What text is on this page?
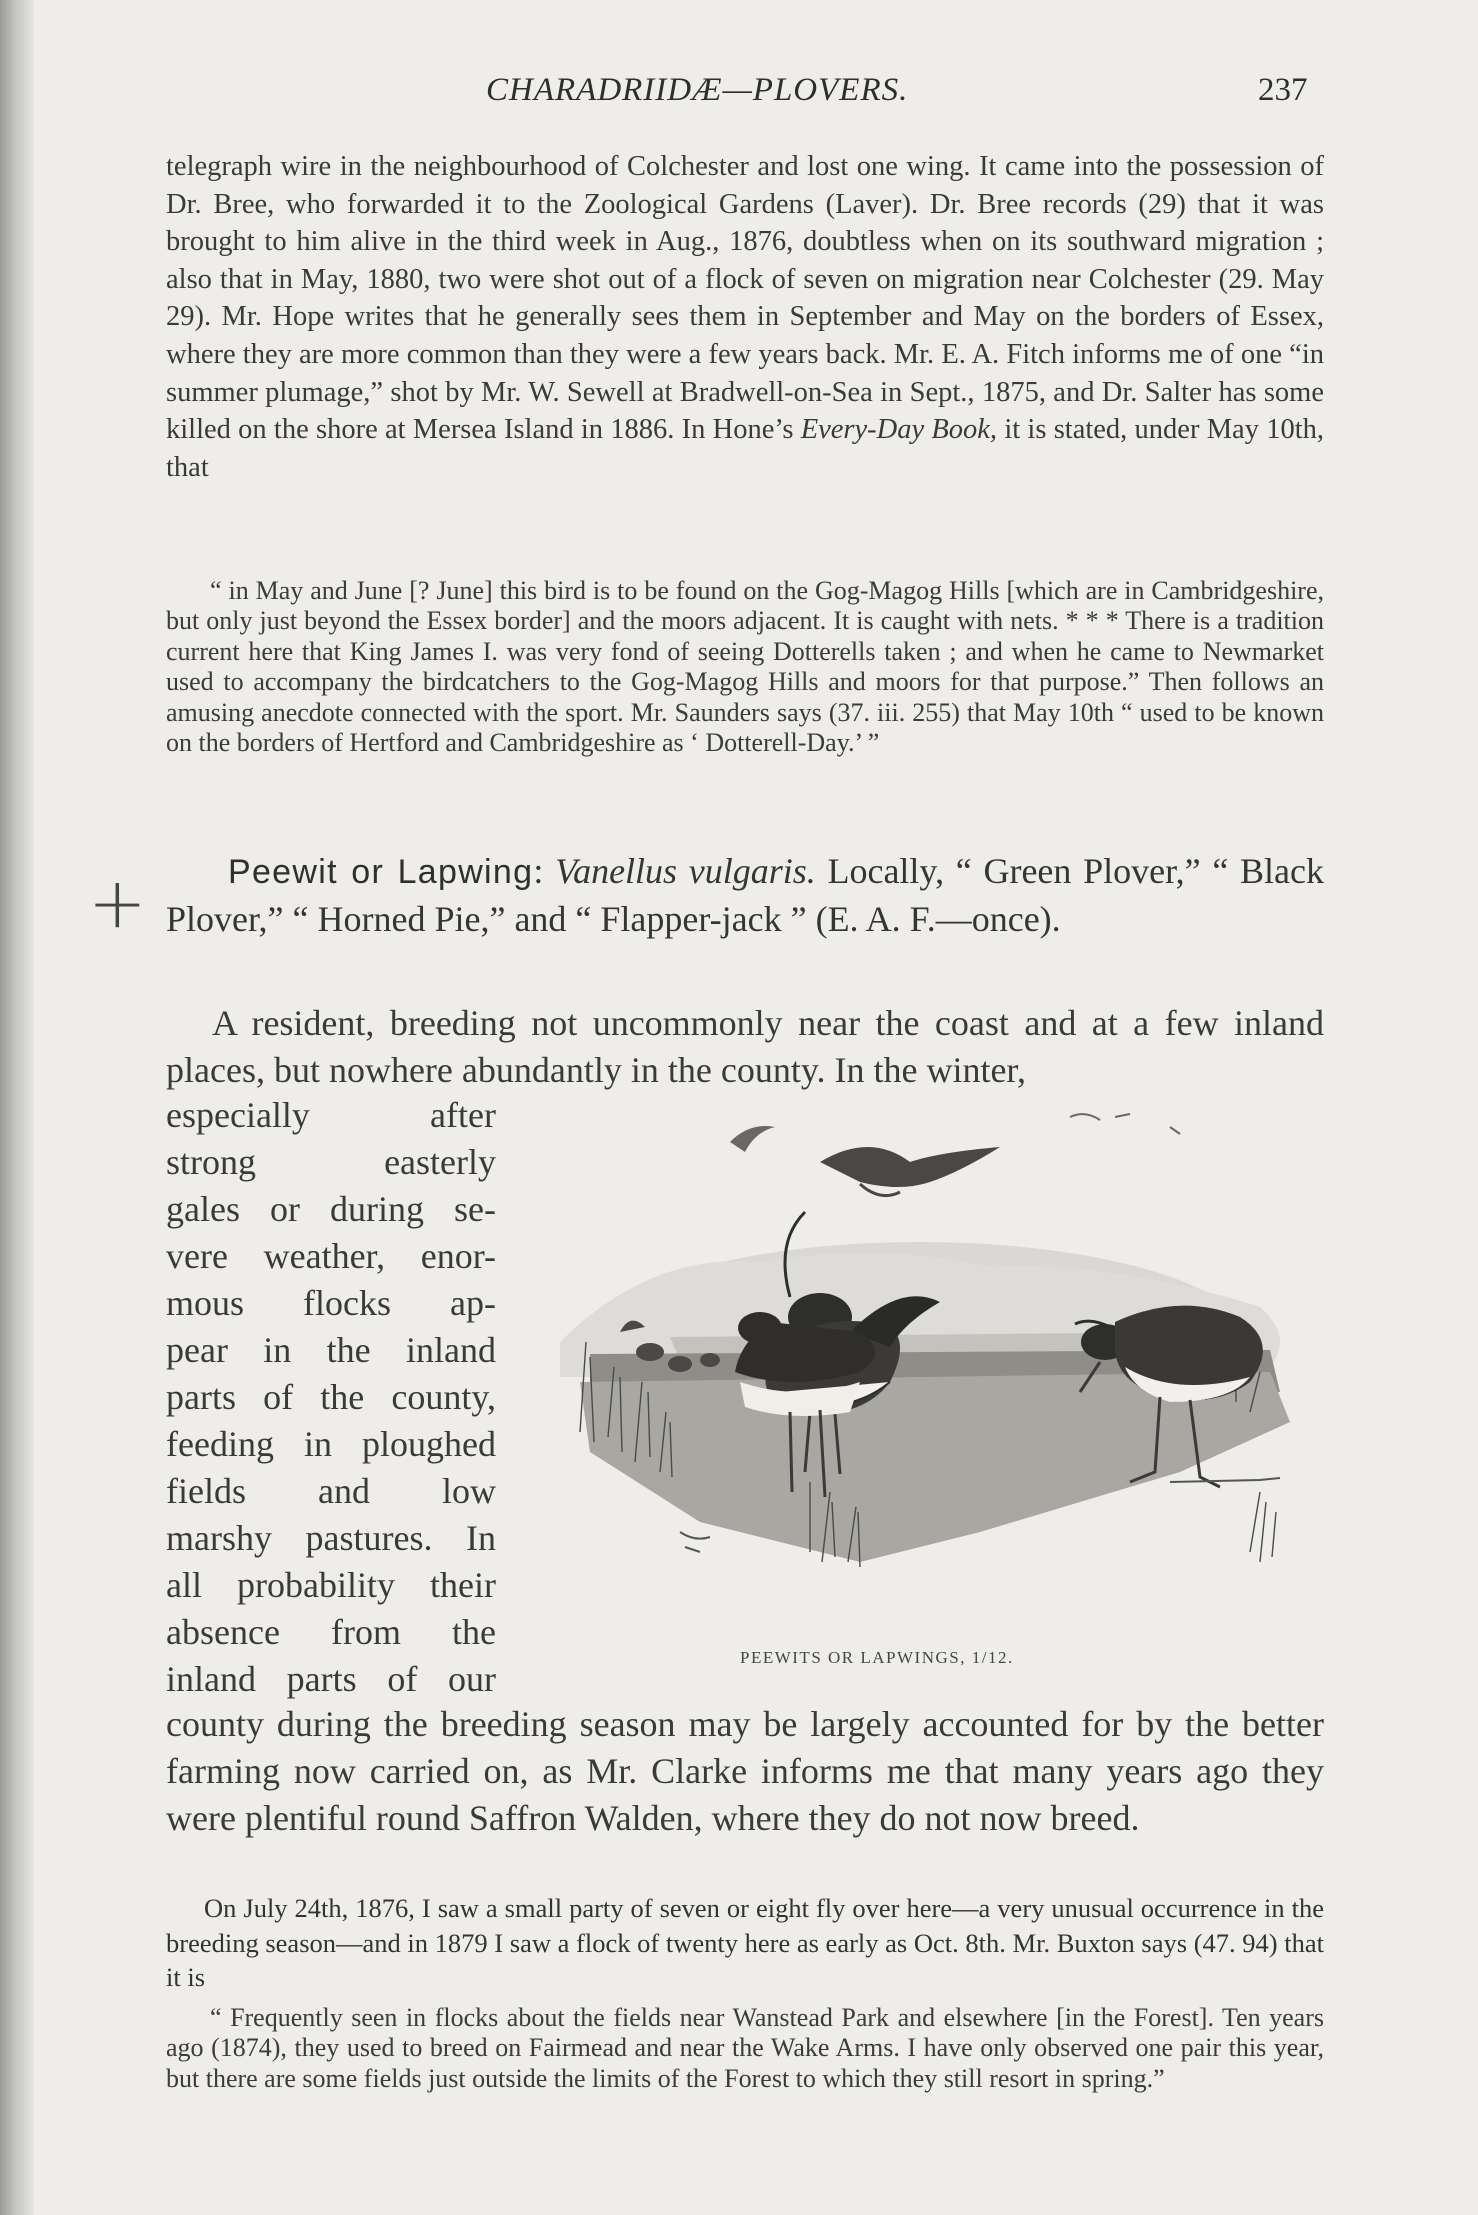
CHARADRIIDÆ—PLOVERS.	237

telegraph wire in the neighbourhood of Colchester and lost one wing. It came into the possession of Dr. Bree, who forwarded it to the Zoological Gardens (Laver). Dr. Bree records (29) that it was brought to him alive in the third week in Aug., 1876, doubtless when on its southward migration ; also that in May, 1880, two were shot out of a flock of seven on migration near Colchester (29. May 29). Mr. Hope writes that he generally sees them in September and May on the borders of Essex, where they are more common than they were a few years back. Mr. E. A. Fitch informs me of one “in summer plumage,” shot by Mr. W. Sewell at Bradwell-on-Sea in Sept., 1875, and Dr. Salter has some killed on the shore at Mersea Island in 1886. In Hone’s Every-Day Book, it is stated, under May 10th, that

“ in May and June [? June] this bird is to be found on the Gog-Magog Hills [which are in Cambridgeshire, but only just beyond the Essex border] and the moors adjacent. It is caught with nets. * * * There is a tradition current here that King James I. was very fond of seeing Dotterells taken ; and when he came to Newmarket used to accompany the birdcatchers to the Gog-Magog Hills and moors for that purpose.” Then follows an amusing anecdote connected with the sport. Mr. Saunders says (37. iii. 255) that May 10th “ used to be known on the borders of Hertford and Cambridgeshire as ‘ Dotterell-Day.’ ”

+	Peewit or Lapwing: Vanellus vulgaris. Locally, “ Green Plover,” “ Black Plover,” “ Horned Pie,” and “ Flapper-jack ” (E. A. F.—once).

A resident, breeding not uncommonly near the coast and at a few inland places, but nowhere abundantly in the county. In the winter,

especially after
strong easterly
gales or during se-
vere weather, enor-
mous flocks ap-
pear in the inland
parts of the county,
feeding in ploughed
fields and low
marshy pastures. In
all probability their
absence from the
inland parts of our
PEEWITS OR LAPWINGS, 1/12.

county during the breeding season may be largely accounted for by the better farming now carried on, as Mr. Clarke informs me that many years ago they were plentiful round Saffron Walden, where they do not now breed.

On July 24th, 1876, I saw a small party of seven or eight fly over here—a very unusual occurrence in the breeding season—and in 1879 I saw a flock of twenty here as early as Oct. 8th. Mr. Buxton says (47. 94) that it is

“ Frequently seen in flocks about the fields near Wanstead Park and elsewhere [in the Forest]. Ten years ago (1874), they used to breed on Fairmead and near the Wake Arms. I have only observed one pair this year, but there are some fields just outside the limits of the Forest to which they still resort in spring.”
